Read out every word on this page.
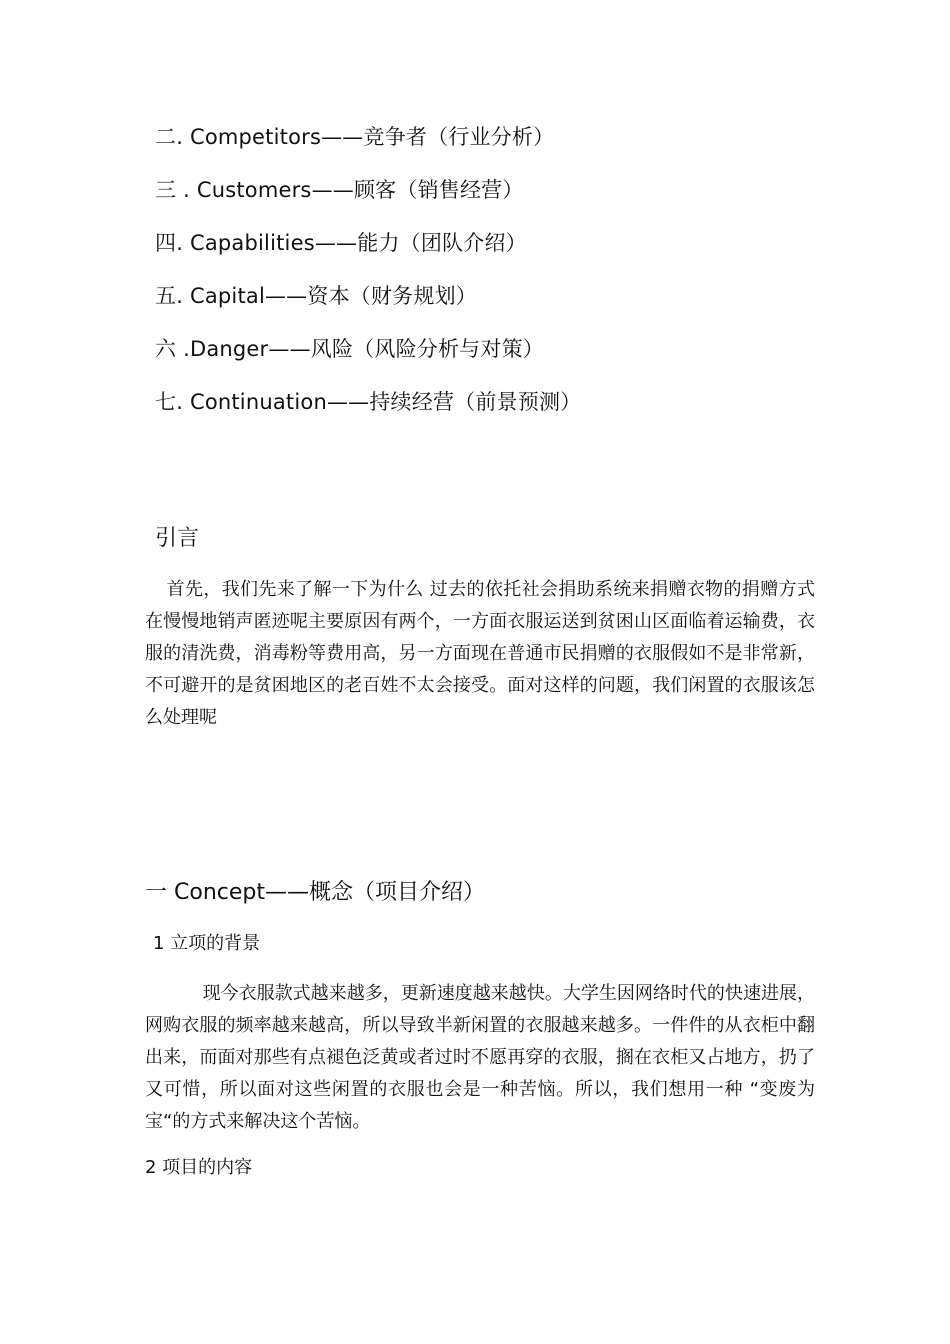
二. Competitors——竞争者（行业分析）
三 . Customers——顾客（销售经营）
四. Capabilities——能力（团队介绍）
五. Capital——资本（财务规划）
六 .Danger——风险（风险分析与对策）
七. Continuation——持续经营（前景预测）
引言
首先，我们先来了解一下为什么 过去的依托社会捐助系统来捐赠衣物的捐赠方式在慢慢地销声匿迹呢主要原因有两个，一方面衣服运送到贫困山区面临着运输费，衣服的清洗费，消毒粉等费用高，另一方面现在普通市民捐赠的衣服假如不是非常新，不可避开的是贫困地区的老百姓不太会接受。面对这样的问题，我们闲置的衣服该怎么处理呢
一 Concept——概念（项目介绍）
1 立项的背景
现今衣服款式越来越多，更新速度越来越快。大学生因网络时代的快速进展，网购衣服的频率越来越高，所以导致半新闲置的衣服越来越多。一件件的从衣柜中翻出来，而面对那些有点褪色泛黄或者过时不愿再穿的衣服，搁在衣柜又占地方，扔了又可惜，所以面对这些闲置的衣服也会是一种苦恼。所以，我们想用一种 “变废为宝“的方式来解决这个苦恼。
2 项目的内容
